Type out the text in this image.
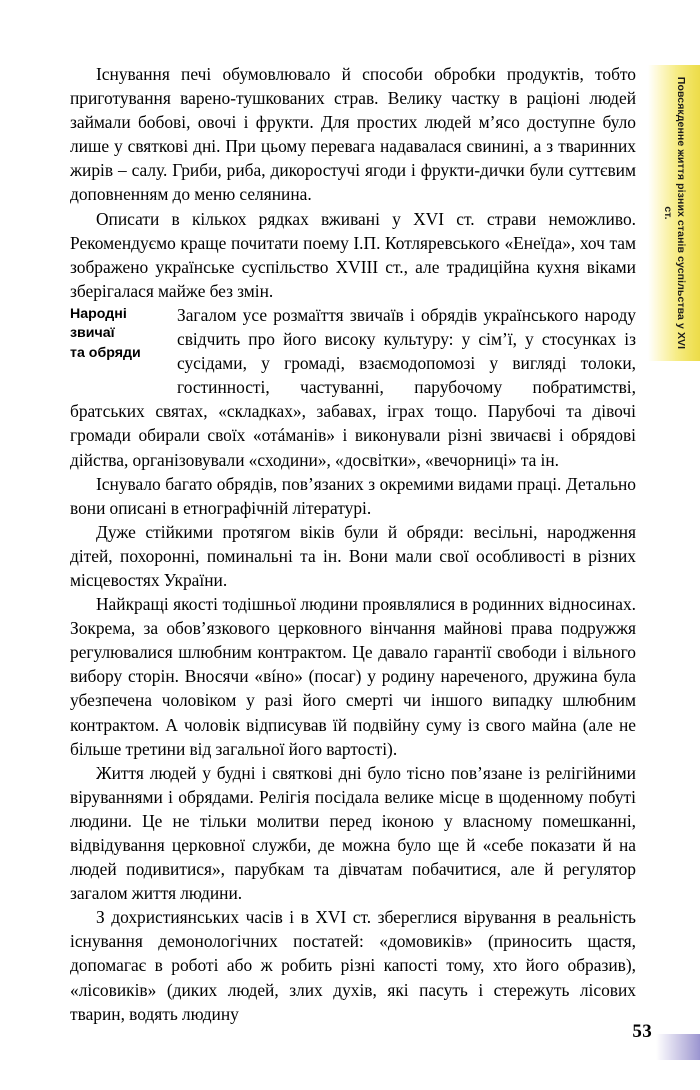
Повсякденне життя різних станів суспільства у XVI ст.

Існування печі обумовлювало й способи обробки продуктів, тобто приготування варено-тушкованих страв. Велику частку в раціоні людей займали бобові, овочі і фрукти. Для простих людей м’ясо доступне було лише у святкові дні. При цьому перевага надавалася свинині, а з тваринних жирів – салу. Гриби, риба, дикоростучі ягоди і фрукти-дички були суттєвим доповненням до меню селянина.

Описати в кількох рядках вживані у XVI ст. страви неможливо. Рекомендуємо краще почитати поему І.П. Котляревського «Енеїда», хоч там зображено українське суспільство XVIII ст., але традиційна кухня віками зберігалася майже без змін.

Народні
звичаї
та обряди

Загалом усе розмаїття звичаїв і обрядів українського народу свідчить про його високу культуру: у сім’ї, у стосунках із сусідами, у громаді, взаємодопомозі у вигляді толоки, гостинності, частуванні, парубочому побратимстві, братських святах, «складках», забавах, іграх тощо. Парубочі та дівочі громади обирали своїх «отáманів» і виконували різні звичаєві і обрядові дійства, організовували «сходини», «досвітки», «вечорниці» та ін.

Існувало багато обрядів, пов’язаних з окремими видами праці. Детально вони описані в етнографічній літературі.

Дуже стійкими протягом віків були й обряди: весільні, народження дітей, похоронні, поминальні та ін. Вони мали свої особливості в різних місцевостях України.

Найкращі якості тодішньої людини проявлялися в родинних відносинах. Зокрема, за обов’язкового церковного вінчання майнові права подружжя регулювалися шлюбним контрактом. Це давало гарантії свободи і вільного вибору сторін. Вносячи «вíно» (посаг) у родину нареченого, дружина була убезпечена чоловіком у разі його смерті чи іншого випадку шлюбним контрактом. А чоловік відписував їй подвійну суму із свого майна (але не більше третини від загальної його вартості).

Життя людей у будні і святкові дні було тісно пов’язане із релігійними віруваннями і обрядами. Релігія посідала велике місце в щоденному побуті людини. Це не тільки молитви перед іконою у власному помешканні, відвідування церковної служби, де можна було ще й «себе показати й на людей подивитися», парубкам та дівчатам побачитися, але й регулятор загалом життя людини.

З дохристиянських часів і в XVI ст. збереглися вірування в реальність існування демонологічних постатей: «домовиків» (приносить щастя, допомагає в роботі або ж робить різні капості тому, хто його образив), «лісовиків» (диких людей, злих духів, які пасуть і стережуть лісових тварин, водять людину

53
